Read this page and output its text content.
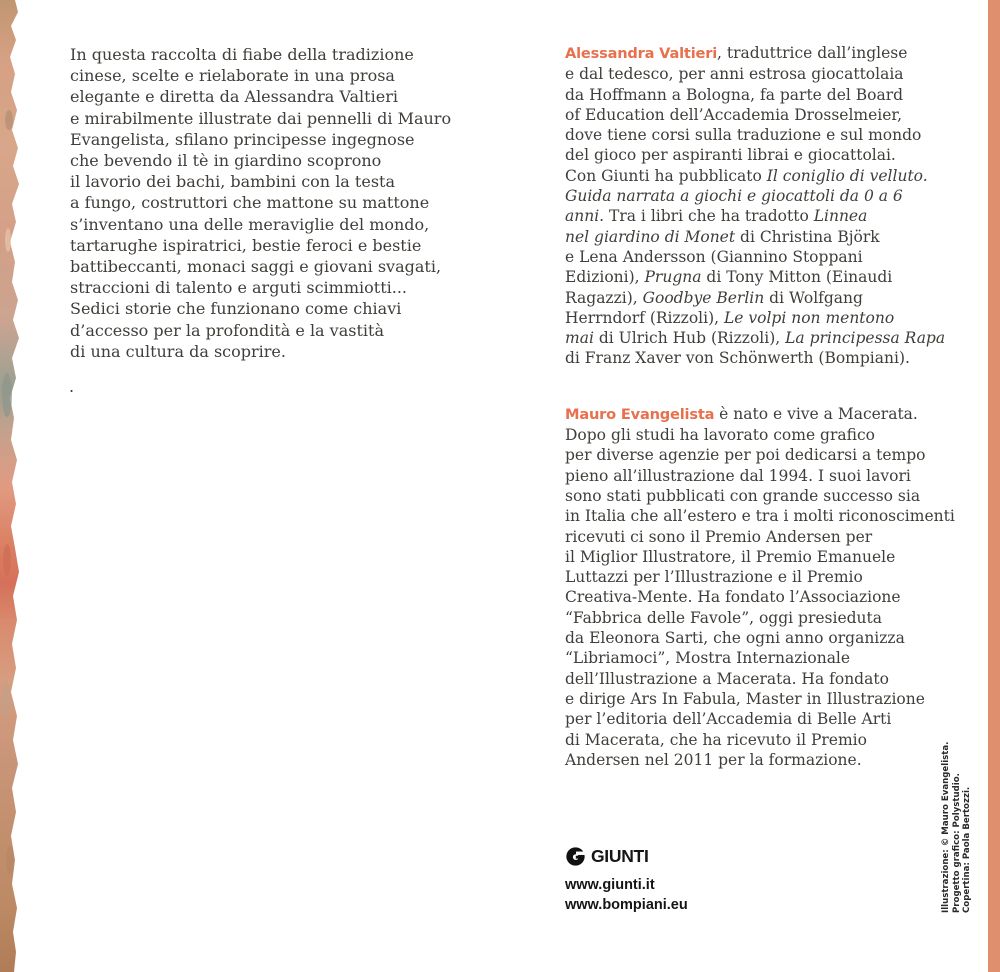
In questa raccolta di fiabe della tradizione
cinese, scelte e rielaborate in una prosa
elegante e diretta da Alessandra Valtieri
e mirabilmente illustrate dai pennelli di Mauro
Evangelista, sfilano principesse ingegnose
che bevendo il tè in giardino scoprono
il lavorio dei bachi, bambini con la testa
a fungo, costruttori che mattone su mattone
s’inventano una delle meraviglie del mondo,
tartarughe ispiratrici, bestie feroci e bestie
battibeccanti, monaci saggi e giovani svagati,
straccioni di talento e arguti scimmiotti...
Sedici storie che funzionano come chiavi
d’accesso per la profondità e la vastità
di una cultura da scoprire.
.
Alessandra Valtieri, traduttrice dall’inglese
e dal tedesco, per anni estrosa giocattolaia
da Hoffmann a Bologna, fa parte del Board
of Education dell’Accademia Drosselmeier,
dove tiene corsi sulla traduzione e sul mondo
del gioco per aspiranti librai e giocattolai.
Con Giunti ha pubblicato Il coniglio di velluto.
Guida narrata a giochi e giocattoli da 0 a 6
anni. Tra i libri che ha tradotto Linnea
nel giardino di Monet di Christina Björk
e Lena Andersson (Giannino Stoppani
Edizioni), Prugna di Tony Mitton (Einaudi
Ragazzi), Goodbye Berlin di Wolfgang
Herrndorf (Rizzoli), Le volpi non mentono
mai di Ulrich Hub (Rizzoli), La principessa Rapa
di Franz Xaver von Schönwerth (Bompiani).
Mauro Evangelista è nato e vive a Macerata.
Dopo gli studi ha lavorato come grafico
per diverse agenzie per poi dedicarsi a tempo
pieno all’illustrazione dal 1994. I suoi lavori
sono stati pubblicati con grande successo sia
in Italia che all’estero e tra i molti riconoscimenti
ricevuti ci sono il Premio Andersen per
il Miglior Illustratore, il Premio Emanuele
Luttazzi per l’Illustrazione e il Premio
Creativa-Mente. Ha fondato l’Associazione
“Fabbrica delle Favole”, oggi presieduta
da Eleonora Sarti, che ogni anno organizza
“Libriamoci”, Mostra Internazionale
dell’Illustrazione a Macerata. Ha fondato
e dirige Ars In Fabula, Master in Illustrazione
per l’editoria dell’Accademia di Belle Arti
di Macerata, che ha ricevuto il Premio
Andersen nel 2011 per la formazione.
GIUNTI
www.giunti.it
www.bompiani.eu	Illustrazione: © Mauro Evangelista. Progetto grafico: Polystudio. Copertina: Paola Bertozzi.
